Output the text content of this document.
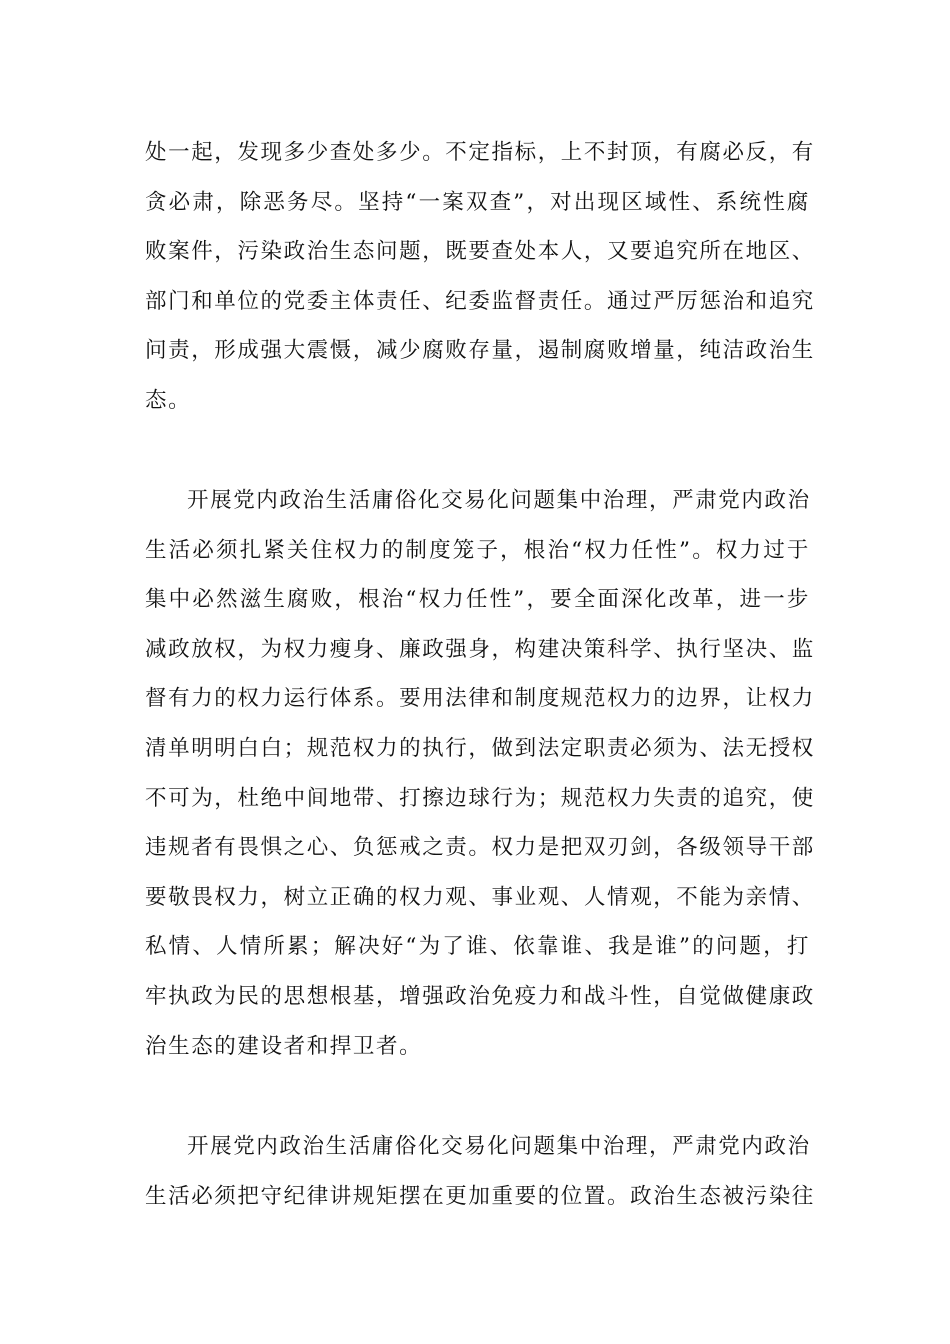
处一起，发现多少查处多少。不定指标，上不封顶，有腐必反，有
贪必肃，除恶务尽。坚持“一案双查”，对出现区域性、系统性腐
败案件，污染政治生态问题，既要查处本人，又要追究所在地区、
部门和单位的党委主体责任、纪委监督责任。通过严厉惩治和追究
问责，形成强大震慑，减少腐败存量，遏制腐败增量，纯洁政治生
态。
开展党内政治生活庸俗化交易化问题集中治理，严肃党内政治
生活必须扎紧关住权力的制度笼子，根治“权力任性”。权力过于
集中必然滋生腐败，根治“权力任性”，要全面深化改革，进一步
减政放权，为权力瘦身、廉政强身，构建决策科学、执行坚决、监
督有力的权力运行体系。要用法律和制度规范权力的边界，让权力
清单明明白白；规范权力的执行，做到法定职责必须为、法无授权
不可为，杜绝中间地带、打擦边球行为；规范权力失责的追究，使
违规者有畏惧之心、负惩戒之责。权力是把双刃剑，各级领导干部
要敬畏权力，树立正确的权力观、事业观、人情观，不能为亲情、
私情、人情所累；解决好“为了谁、依靠谁、我是谁”的问题，打
牢执政为民的思想根基，增强政治免疫力和战斗性，自觉做健康政
治生态的建设者和捍卫者。
开展党内政治生活庸俗化交易化问题集中治理，严肃党内政治
生活必须把守纪律讲规矩摆在更加重要的位置。政治生态被污染往
